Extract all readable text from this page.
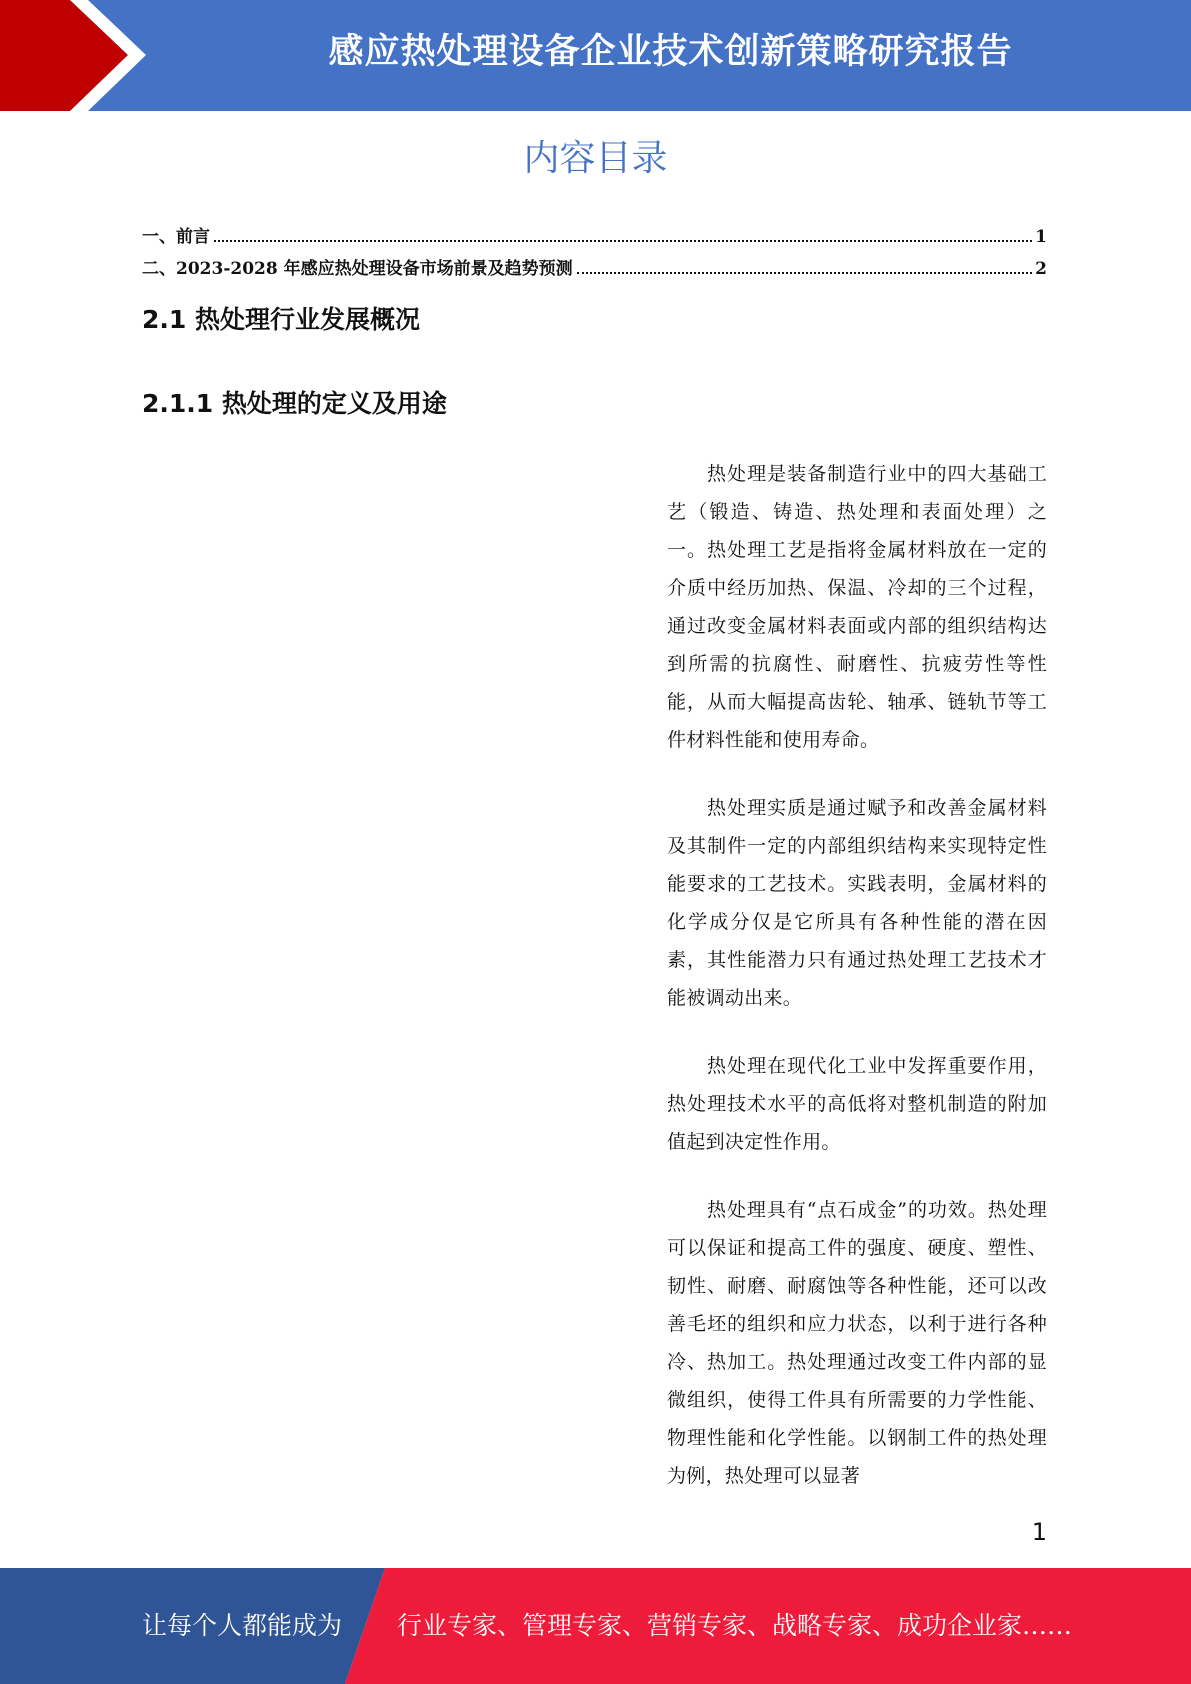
感应热处理设备企业技术创新策略研究报告
内容目录
一、前言	1
二、2023-2028 年感应热处理设备市场前景及趋势预测	2
2.1 热处理行业发展概况
2.1.1 热处理的定义及用途

热处理是装备制造行业中的四大基础工艺（锻造、铸造、热处理和表面处理）之一。热处理工艺是指将金属材料放在一定的介质中经历加热、保温、冷却的三个过程，通过改变金属材料表面或内部的组织结构达到所需的抗腐性、耐磨性、抗疲劳性等性能，从而大幅提高齿轮、轴承、链轨节等工件材料性能和使用寿命。

热处理实质是通过赋予和改善金属材料及其制件一定的内部组织结构来实现特定性能要求的工艺技术。实践表明，金属材料的化学成分仅是它所具有各种性能的潜在因素，其性能潜力只有通过热处理工艺技术才能被调动出来。

热处理在现代化工业中发挥重要作用，热处理技术水平的高低将对整机制造的附加值起到决定性作用。

热处理具有“点石成金”的功效。热处理可以保证和提高工件的强度、硬度、塑性、韧性、耐磨、耐腐蚀等各种性能，还可以改善毛坯的组织和应力状态，以利于进行各种冷、热加工。热处理通过改变工件内部的显微组织，使得工件具有所需要的力学性能、物理性能和化学性能。以钢制工件的热处理为例，热处理可以显著

1
让每个人都能成为 行业专家、管理专家、营销专家、战略专家、成功企业家……
